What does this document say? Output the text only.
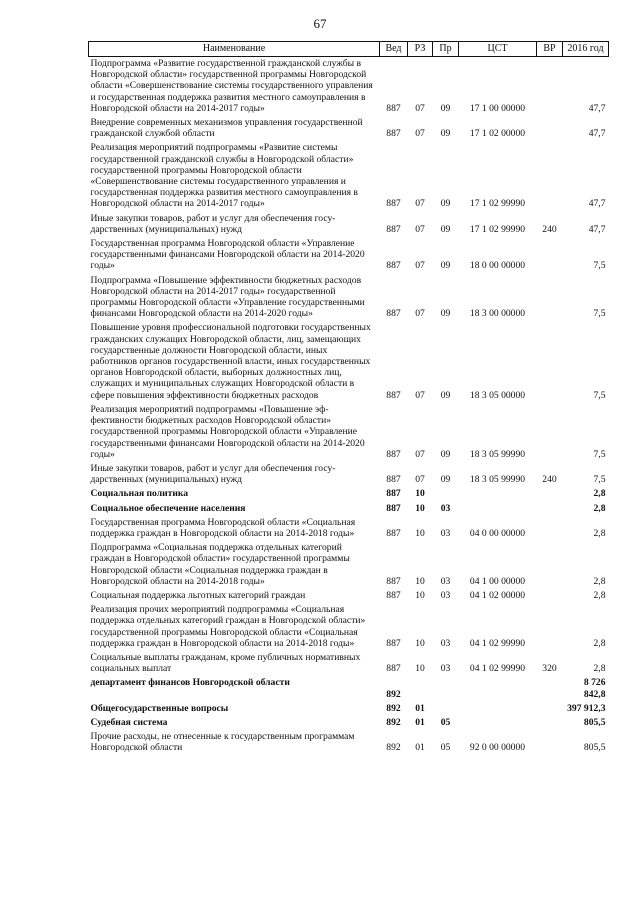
67
Наименование	Вед	РЗ	Пр	ЦСТ	ВР	2016 год
Подпрограмма «Развитие государственной гражданской службы в Новгородской области» государственной программы Новгородской области «Совершенствование системы государственного управления и государственная поддержка развития местного самоуправления в Новгородской области на 2014-2017 годы»	887	07	09	17 1 00 00000		47,7
Внедрение современных механизмов управления государственной гражданской службой области	887	07	09	17 1 02 00000		47,7
Реализация мероприятий подпрограммы «Развитие системы государственной гражданской службы в Новгородской области» государственной программы Новгородской области «Совершенствование системы государственного управления и государственная поддержка развития местного самоуправления в Новгородской области на 2014-2017 годы»	887	07	09	17 1 02 99990		47,7
Иные закупки товаров, работ и услуг для обеспечения государственных (муниципальных) нужд	887	07	09	17 1 02 99990	240	47,7
Государственная программа Новгородской области «Управление государственными финансами Новгородской области на 2014-2020 годы»	887	07	09	18 0 00 00000		7,5
Подпрограмма «Повышение эффективности бюджетных расходов Новгородской области на 2014-2017 годы» государственной программы Новгородской области «Управление государственными финансами Новгородской области на 2014-2020 годы»	887	07	09	18 3 00 00000		7,5
Повышение уровня профессиональной подготовки государственных гражданских служащих Новгородской области, лиц, замещающих государственные должности Новгородской области, иных работников органов государственной власти, иных государственных органов Новгородской области, выборных должностных лиц, служащих и муниципальных служащих Новгородской области в сфере повышения эффективности бюджетных расходов	887	07	09	18 3 05 00000		7,5
Реализация мероприятий подпрограммы «Повышение эффективности бюджетных расходов Новгородской области» государственной программы Новгородской области «Управление государственными финансами Новгородской области на 2014-2020 годы»	887	07	09	18 3 05 99990		7,5
Иные закупки товаров, работ и услуг для обеспечения государственных (муниципальных) нужд	887	07	09	18 3 05 99990	240	7,5
Социальная политика	887	10				2,8
Социальное обеспечение населения	887	10	03			2,8
Государственная программа Новгородской области «Социальная поддержка граждан в Новгородской области на 2014-2018 годы»	887	10	03	04 0 00 00000		2,8
Подпрограмма «Социальная поддержка отдельных категорий граждан в Новгородской области» государственной программы Новгородской области «Социальная поддержка граждан в Новгородской области на 2014-2018 годы»	887	10	03	04 1 00 00000		2,8
Социальная поддержка льготных категорий граждан	887	10	03	04 1 02 00000		2,8
Реализация прочих мероприятий подпрограммы «Социальная поддержка отдельных категорий граждан в Новгородской области» государственной программы Новгородской области «Социальная поддержка граждан в Новгородской области на 2014-2018 годы»	887	10	03	04 1 02 99990		2,8
Социальные выплаты гражданам, кроме публичных нормативных социальных выплат	887	10	03	04 1 02 99990	320	2,8
департамент финансов Новгородской области	892					8 726 842,8
Общегосударственные вопросы	892	01				397 912,3
Судебная система	892	01	05			805,5
Прочие расходы, не отнесенные к государственным программам Новгородской области	892	01	05	92 0 00 00000		805,5
